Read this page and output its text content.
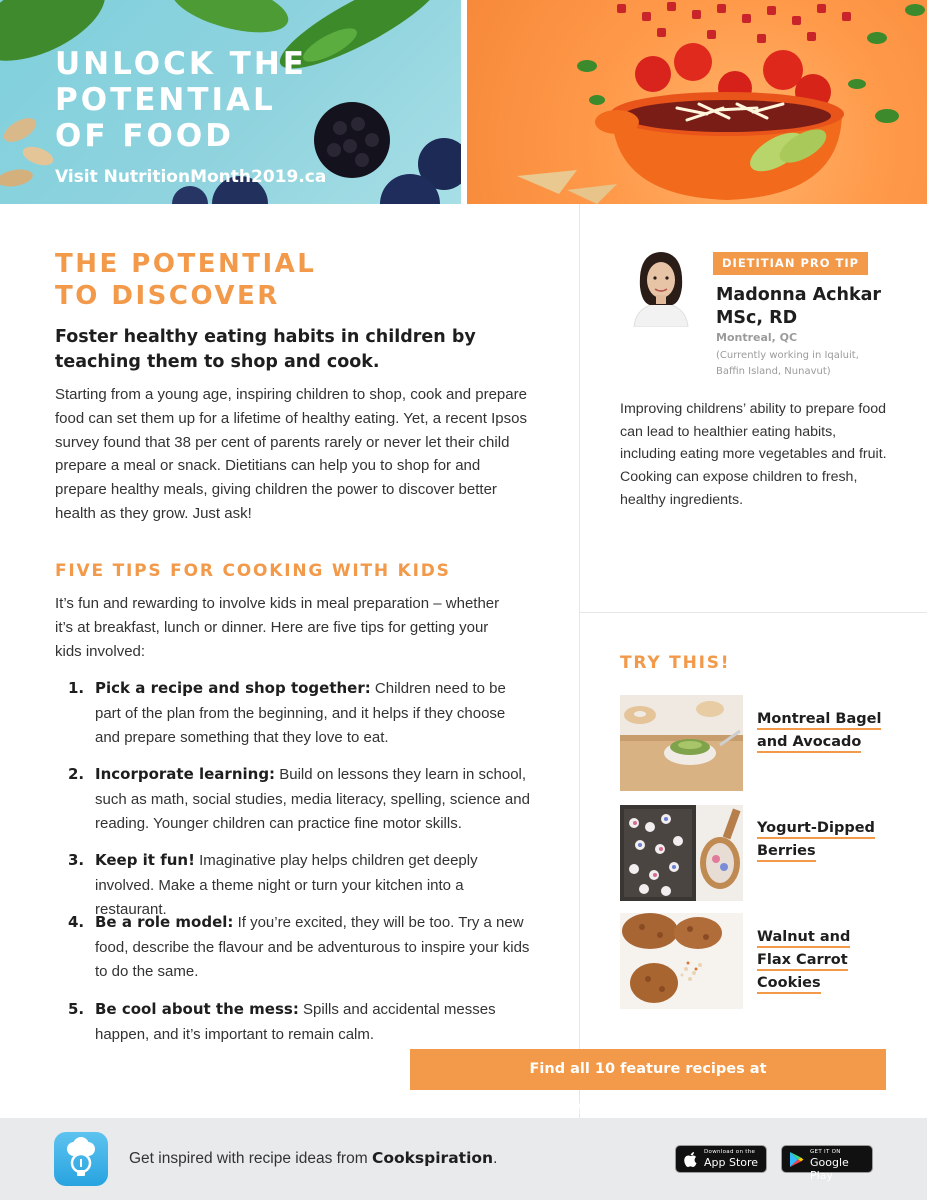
UNLOCK THE
POTENTIAL
OF FOOD
Visit NutritionMonth2019.ca
THE POTENTIAL
TO DISCOVER
Foster healthy eating habits in children by teaching them to shop and cook.

Starting from a young age, inspiring children to shop, cook and prepare food can set them up for a lifetime of healthy eating. Yet, a recent Ipsos survey found that 38 per cent of parents rarely or never let their child prepare a meal or snack. Dietitians can help you to shop for and prepare healthy meals, giving children the power to discover better health as they grow. Just ask!

FIVE TIPS FOR COOKING WITH KIDS

It’s fun and rewarding to involve kids in meal preparation – whether it’s at breakfast, lunch or dinner. Here are five tips for getting your kids involved:

1. Pick a recipe and shop together: Children need to be part of the plan from the beginning, and it helps if they choose and prepare something that they love to eat.
2. Incorporate learning: Build on lessons they learn in school, such as math, social studies, media literacy, spelling, science and reading. Younger children can practice fine motor skills.
3. Keep it fun! Imaginative play helps children get deeply involved. Make a theme night or turn your kitchen into a restaurant.
4. Be a role model: If you’re excited, they will be too. Try a new food, describe the flavour and be adventurous to inspire your kids to do the same.
5. Be cool about the mess: Spills and accidental messes happen, and it’s important to remain calm.
DIETITIAN PRO TIP
Madonna Achkar
MSc, RD
Montreal, QC
(Currently working in Iqaluit, Baffin Island, Nunavut)

Improving childrens’ ability to prepare food can lead to healthier eating habits, including eating more vegetables and fruit. Cooking can expose children to fresh, healthy ingredients.

TRY THIS!
Montreal Bagel
and Avocado
Yogurt-Dipped
Berries
Walnut and
Flax Carrot
Cookies
Find all 10 feature recipes at www.NutritionMonth2019.ca
Get inspired with recipe ideas from Cookspiration.	Download on the
App Store
GET IT ON
Google Play
